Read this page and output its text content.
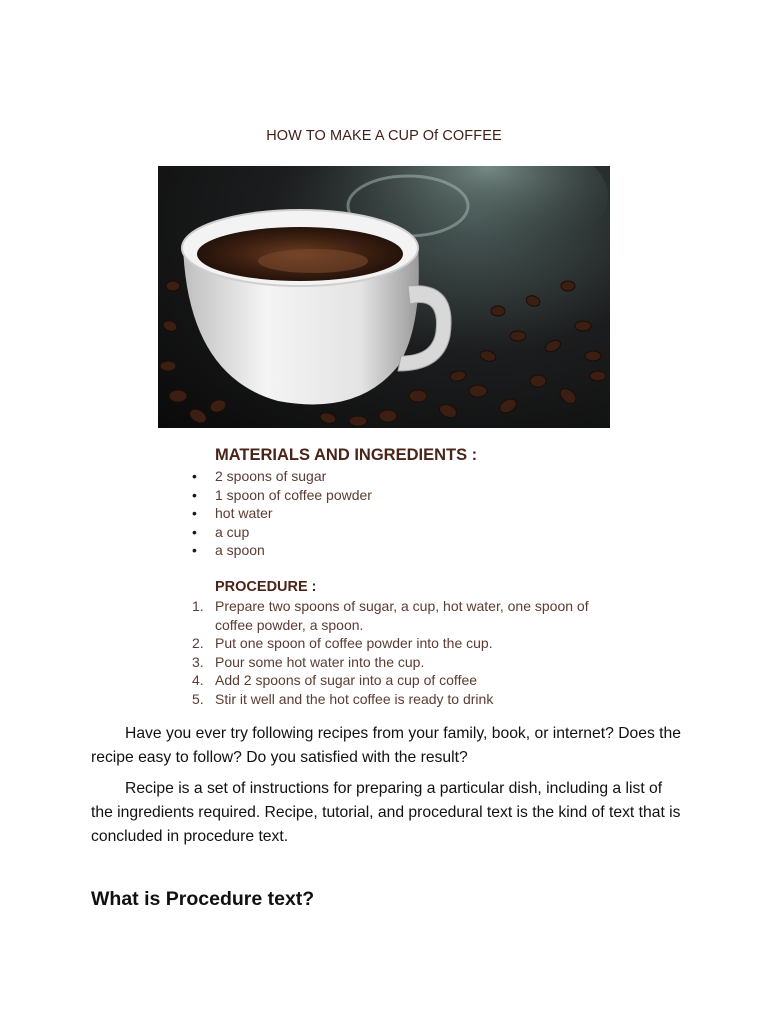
HOW TO MAKE A CUP Of COFFEE
MATERIALS AND INGREDIENTS :
• 2 spoons of sugar
• 1 spoon of coffee powder
• hot water
• a cup
• a spoon
PROCEDURE :
1. Prepare two spoons of sugar, a cup, hot water, one spoon of coffee powder, a spoon.
2. Put one spoon of coffee powder into the cup.
3. Pour some hot water into the cup.
4. Add 2 spoons of sugar into a cup of coffee
5. Stir it well and the hot coffee is ready to drink

Have you ever try following recipes from your family, book, or internet? Does the recipe easy to follow? Do you satisfied with the result?

Recipe is a set of instructions for preparing a particular dish, including a list of the ingredients required. Recipe, tutorial, and procedural text is the kind of text that is concluded in procedure text.

What is Procedure text?
